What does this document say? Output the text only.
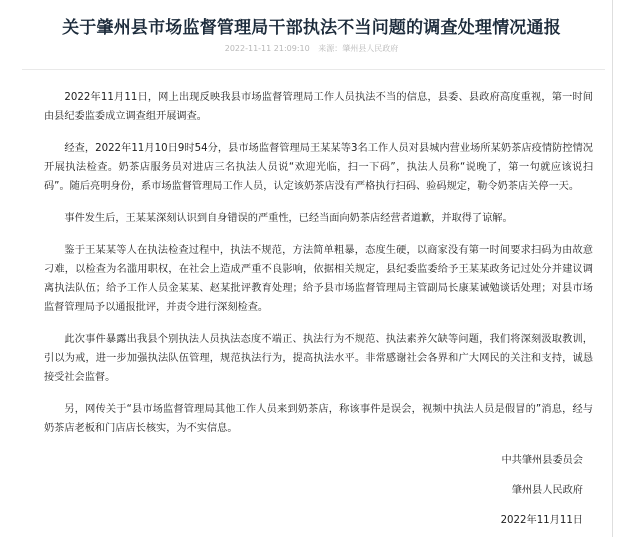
关于肇州县市场监督管理局干部执法不当问题的调查处理情况通报
2022-11-11 21:09:10 来源：肇州县人民政府

2022年11月11日，网上出现反映我县市场监督管理局工作人员执法不当的信息，县委、县政府高度重视，第一时间由县纪委监委成立调查组开展调查。

经查，2022年11月10日9时54分，县市场监督管理局王某某等3名工作人员对县城内营业场所某奶茶店疫情防控情况开展执法检查。奶茶店服务员对进店三名执法人员说“欢迎光临，扫一下码”，执法人员称“说晚了，第一句就应该说扫码”。随后亮明身份，系市场监督管理局工作人员，认定该奶茶店没有严格执行扫码、验码规定，勒令奶茶店关停一天。

事件发生后，王某某深刻认识到自身错误的严重性，已经当面向奶茶店经营者道歉，并取得了谅解。

鉴于王某某等人在执法检查过程中，执法不规范，方法简单粗暴，态度生硬，以商家没有第一时间要求扫码为由故意刁难，以检查为名滥用职权，在社会上造成严重不良影响，依据相关规定，县纪委监委给予王某某政务记过处分并建议调离执法队伍；给予工作人员金某某、赵某批评教育处理；给予县市场监督管理局主管副局长康某诫勉谈话处理；对县市场监督管理局予以通报批评，并责令进行深刻检查。

此次事件暴露出我县个别执法人员执法态度不端正、执法行为不规范、执法素养欠缺等问题，我们将深刻汲取教训，引以为戒，进一步加强执法队伍管理，规范执法行为，提高执法水平。非常感谢社会各界和广大网民的关注和支持，诚恳接受社会监督。

另，网传关于“县市场监督管理局其他工作人员来到奶茶店，称该事件是误会，视频中执法人员是假冒的”消息，经与奶茶店老板和门店店长核实，为不实信息。

中共肇州县委员会
肇州县人民政府
2022年11月11日
